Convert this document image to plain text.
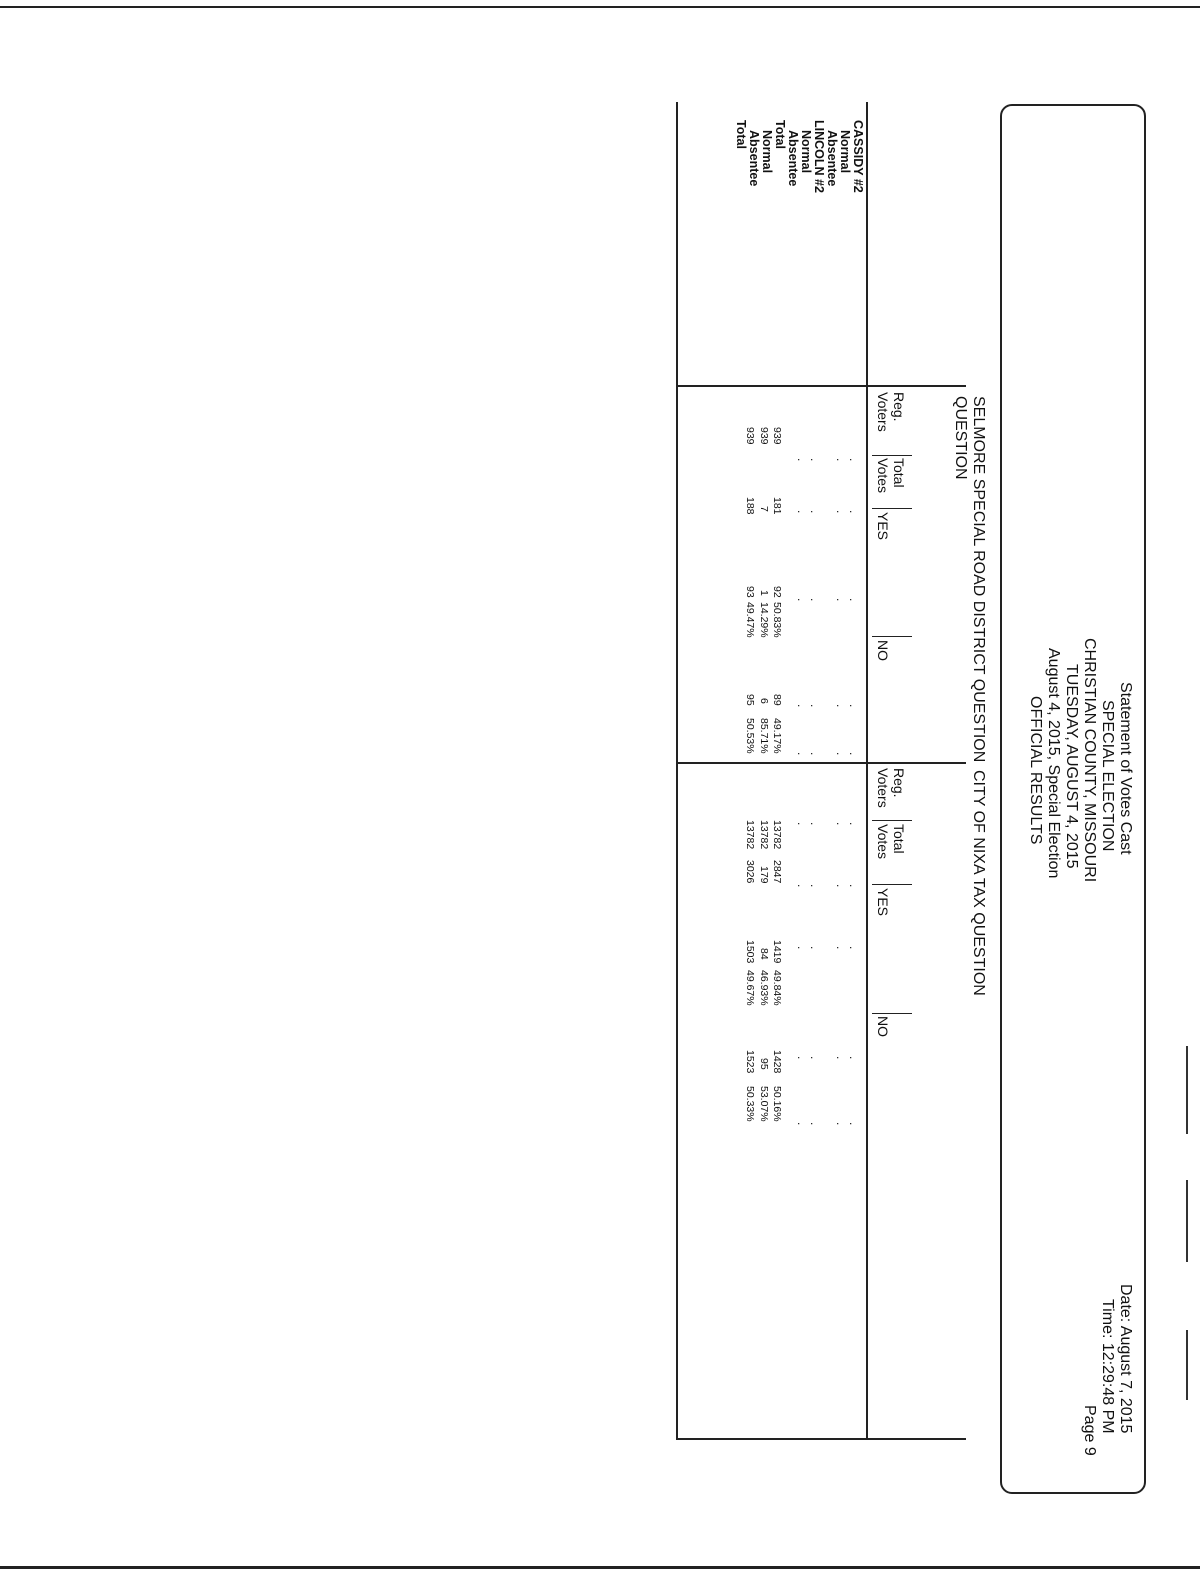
Statement of Votes Cast
SPECIAL ELECTION
CHRISTIAN COUNTY, MISSOURI
TUESDAY, AUGUST 4, 2015
August 4, 2015, Special Election
OFFICIAL RESULTS
Date: August 7, 2015
Time: 12:29:48 PM
Page 9
CASSIDY #2
Normal
Absentee
LINCOLN #2
Normal
Absentee
Total
Normal
Absentee
Total
SELMORE SPECIAL ROAD DISTRICT QUESTION
QUESTION
Reg.
Voters
Total
Votes
YES
NO
CITY OF NIXA TAX QUESTION
Reg.
Voters
Total
Votes
YES
NO
.
.
.
.
.
.
.
.
.
.
.
.
.
.
.
.
.
.
.
.
.
.
.
.
.
.
.
.
.
.
.
.
.
.
.
.
.
.
.
.
939
181
92
50.83%
89
49.17%
939
7
1
14.29%
6
85.71%
939
188
93
49.47%
95
50.53%
13782
2847
1419
49.84%
1428
50.16%
13782
179
84
46.93%
95
53.07%
13782
3026
1503
49.67%
1523
50.33%
